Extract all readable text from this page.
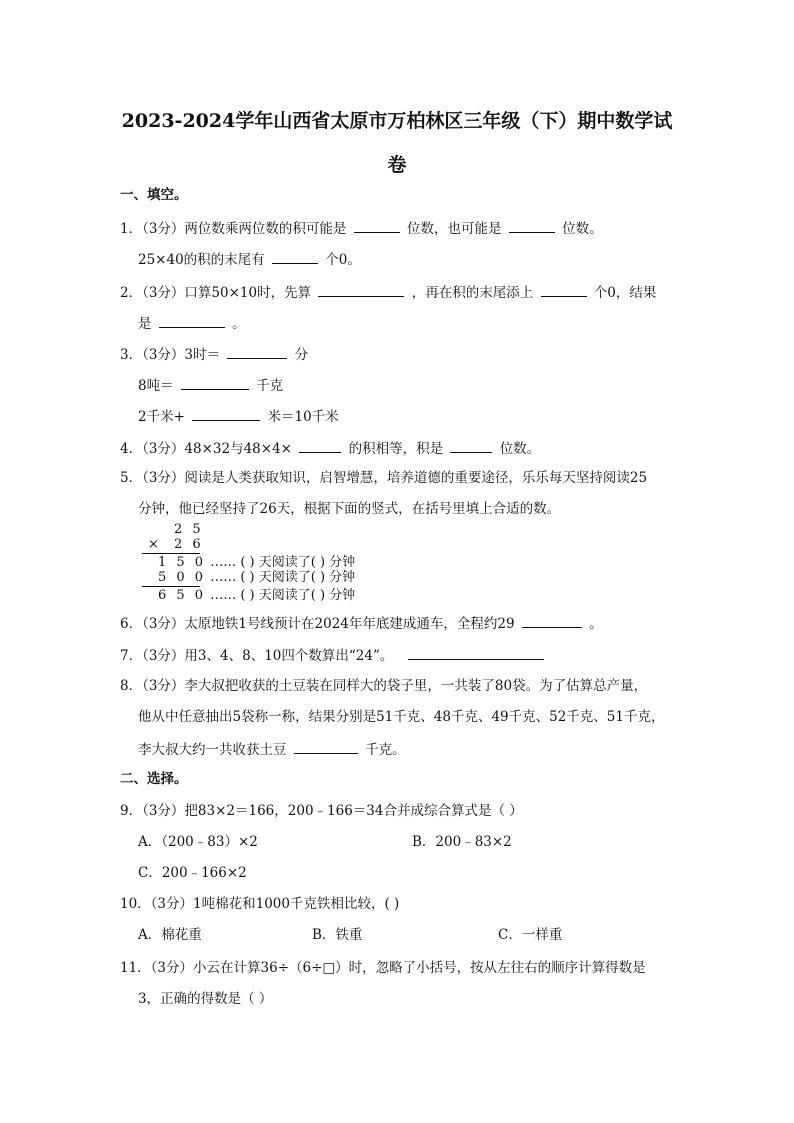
2023-2024学年山西省太原市万柏林区三年级（下）期中数学试
卷
一、填空。
1．（3分）两位数乘两位数的积可能是	位数，也可能是	位数。
25×40的积的末尾有	个0。
2．（3分）口算50×10时，先算	，再在积的末尾添上	个0，结果
是	。
3．（3分）3时＝	分
8吨＝	千克
2千米+	米＝10千米
4．（3分）48×32与48×4×	的积相等，积是	位数。
5．（3分）阅读是人类获取知识，启智增慧，培养道德的重要途径，乐乐每天坚持阅读25
分钟，他已经坚持了26天，根据下面的竖式，在括号里填上合适的数。
2 5
× 2 6
1 5 0 …… ( ) 天阅读了( ) 分钟
5 0 0 …… ( ) 天阅读了( ) 分钟
6 5 0 …… ( ) 天阅读了( ) 分钟
6．（3分）太原地铁1号线预计在2024年年底建成通车，全程约29	。
7．（3分）用3、4、8、10四个数算出“24”。
8．（3分）李大叔把收获的土豆装在同样大的袋子里，一共装了80袋。为了估算总产量，
他从中任意抽出5袋称一称，结果分别是51千克、48千克、49千克、52千克、51千克，
李大叔大约一共收获土豆	千克。
二、选择。
9．（3分）把83×2＝166，200﹣166＝34合并成综合算式是（ ）
A．（200﹣83）×2	B．200﹣83×2
C．200﹣166×2
10．（3分）1吨棉花和1000千克铁相比较，( )
A．棉花重	B．铁重	C．一样重
11．（3分）小云在计算36÷（6÷□）时，忽略了小括号，按从左往右的顺序计算得数是
3，正确的得数是（ ）
